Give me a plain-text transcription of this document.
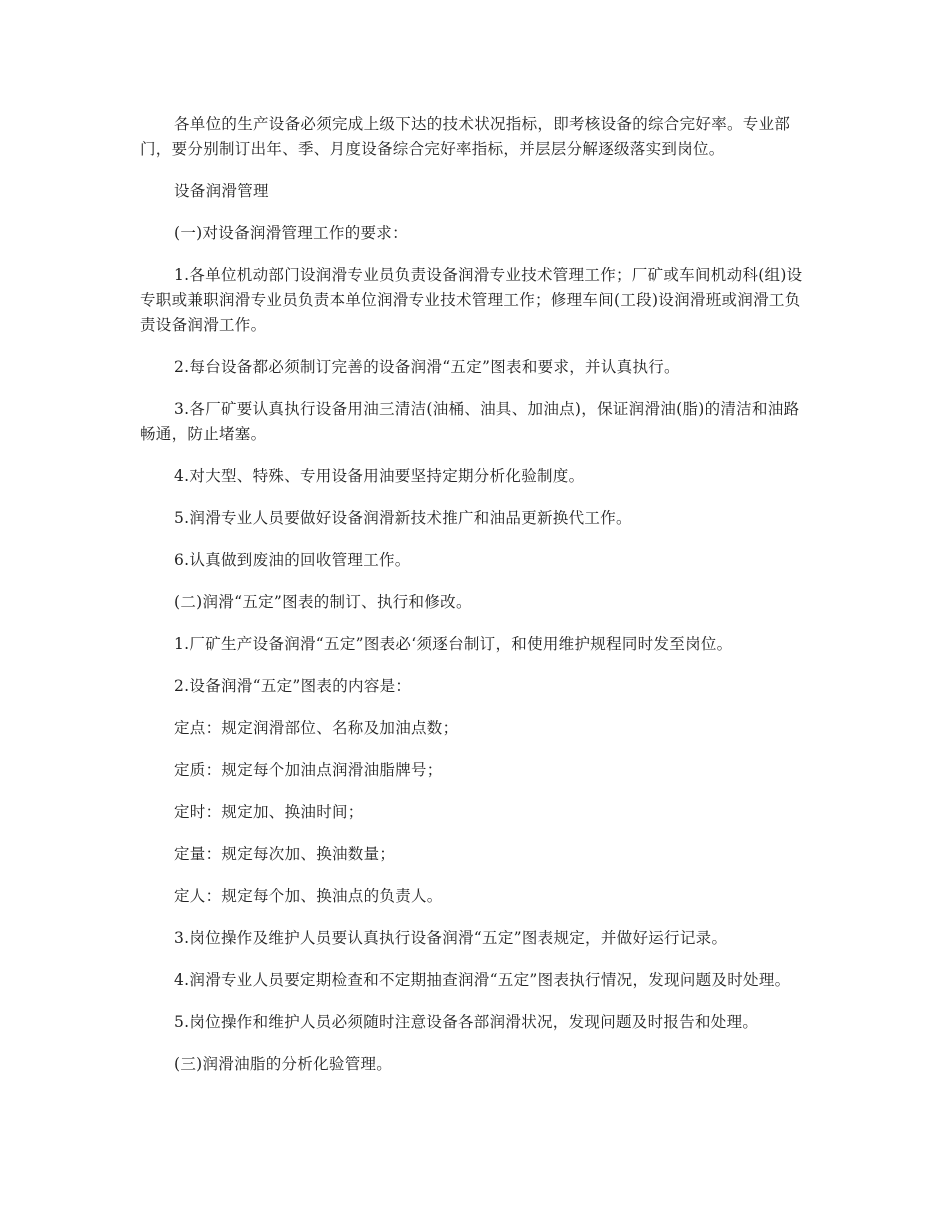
各单位的生产设备必须完成上级下达的技术状况指标，即考核设备的综合完好率。专业部门，要分别制订出年、季、月度设备综合完好率指标，并层层分解逐级落实到岗位。

设备润滑管理

(一)对设备润滑管理工作的要求：

1.各单位机动部门设润滑专业员负责设备润滑专业技术管理工作；厂矿或车间机动科(组)设专职或兼职润滑专业员负责本单位润滑专业技术管理工作；修理车间(工段)设润滑班或润滑工负责设备润滑工作。

2.每台设备都必须制订完善的设备润滑“五定”图表和要求，并认真执行。

3.各厂矿要认真执行设备用油三清洁(油桶、油具、加油点)，保证润滑油(脂)的清洁和油路畅通，防止堵塞。

4.对大型、特殊、专用设备用油要坚持定期分析化验制度。

5.润滑专业人员要做好设备润滑新技术推广和油品更新换代工作。

6.认真做到废油的回收管理工作。

(二)润滑“五定”图表的制订、执行和修改。

1.厂矿生产设备润滑“五定”图表必‘须逐台制订，和使用维护规程同时发至岗位。

2.设备润滑“五定”图表的内容是：

定点：规定润滑部位、名称及加油点数；

定质：规定每个加油点润滑油脂牌号；

定时：规定加、换油时间；

定量：规定每次加、换油数量；

定人：规定每个加、换油点的负责人。

3.岗位操作及维护人员要认真执行设备润滑“五定”图表规定，并做好运行记录。

4.润滑专业人员要定期检查和不定期抽查润滑“五定”图表执行情况，发现问题及时处理。

5.岗位操作和维护人员必须随时注意设备各部润滑状况，发现问题及时报告和处理。

(三)润滑油脂的分析化验管理。
